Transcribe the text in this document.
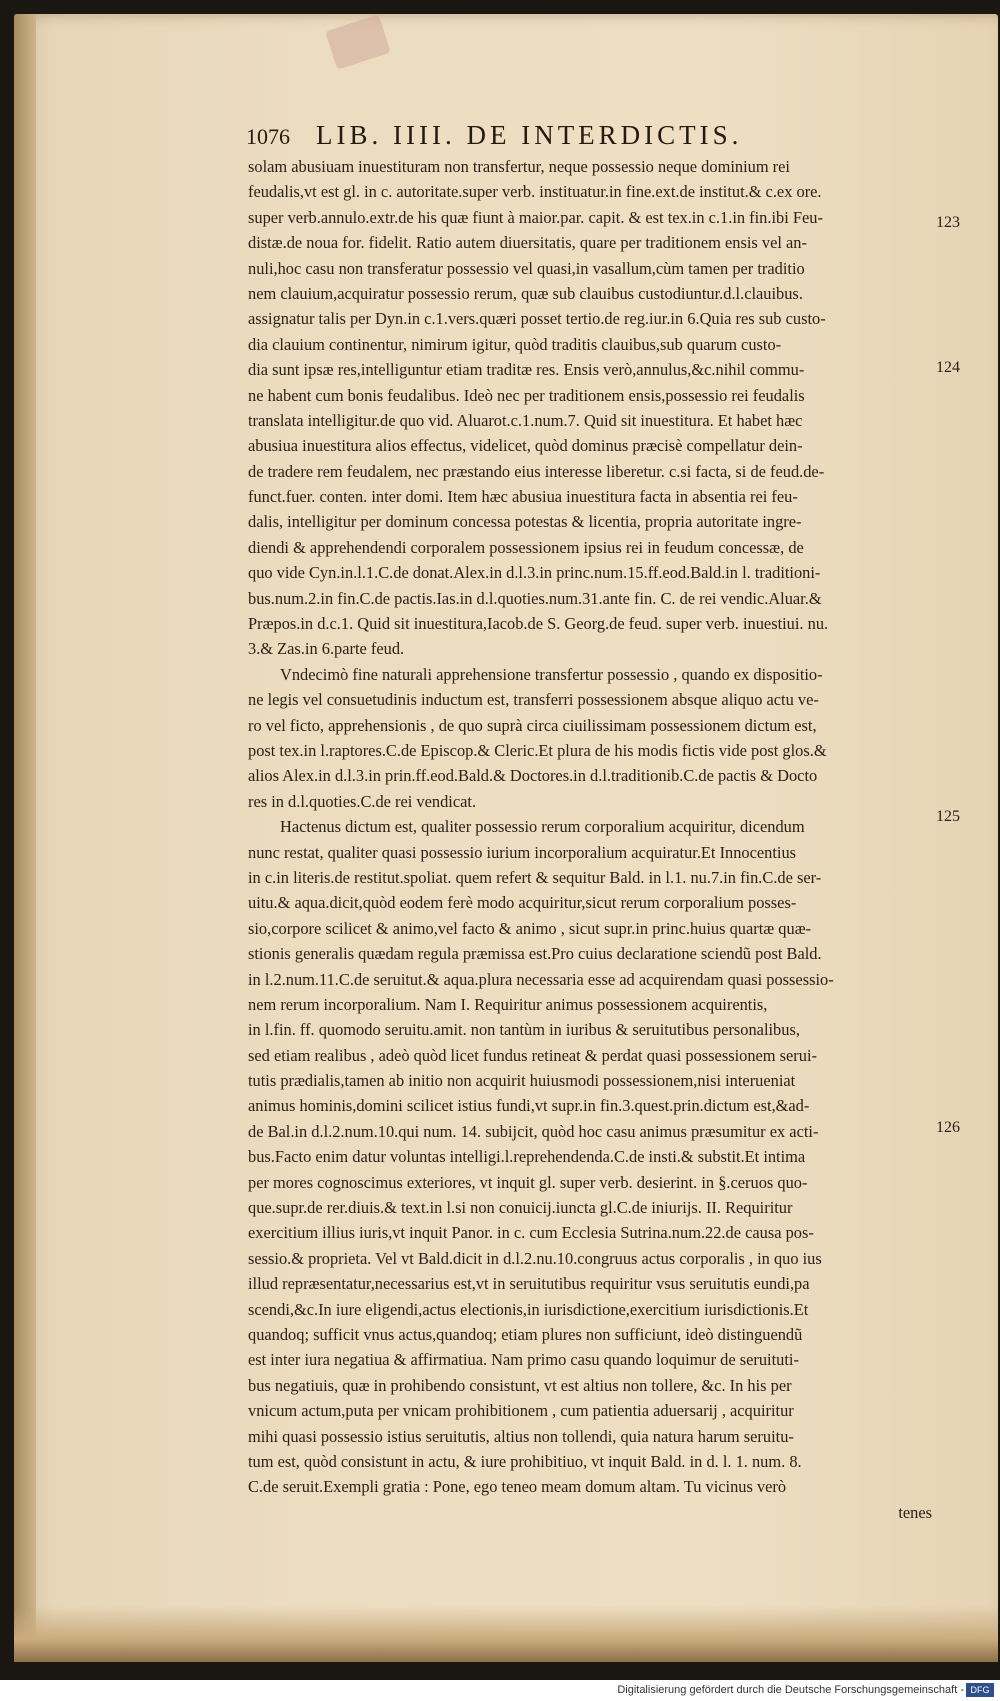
1076 LIB. IIII. DE INTERDICTIS.
solam abusiuam inuestituram non transfertur, neque possessio neque dominium rei
feudalis,vt est gl. in c. autoritate.super verb. instituatur.in fine.ext.de institut.& c.ex ore.
super verb.annulo.extr.de his quæ fiunt à maior.par. capit. & est tex.in c.1.in fin.ibi Feu-
distæ.de noua for. fidelit. Ratio autem diuersitatis, quare per traditionem ensis vel an-
nuli,hoc casu non transferatur possessio vel quasi,in vasallum,cùm tamen per traditio
nem clauium,acquiratur possessio rerum, quæ sub clauibus custodiuntur.d.l.clauibus.
assignatur talis per Dyn.in c.1.vers.quæri posset tertio.de reg.iur.in 6.Quia res sub custo-
dia clauium continentur, nimirum igitur, quòd traditis clauibus,sub quarum custo-
dia sunt ipsæ res,intelliguntur etiam traditæ res. Ensis verò,annulus,&c.nihil commu-
ne habent cum bonis feudalibus. Ideò nec per traditionem ensis,possessio rei feudalis
translata intelligitur.de quo vid. Aluarot.c.1.num.7. Quid sit inuestitura. Et habet hæc
abusiua inuestitura alios effectus, videlicet, quòd dominus præcisè compellatur dein-
de tradere rem feudalem, nec præstando eius interesse liberetur. c.si facta, si de feud.de-
funct.fuer. conten. inter domi. Item hæc abusiua inuestitura facta in absentia rei feu-
dalis, intelligitur per dominum concessa potestas & licentia, propria autoritate ingre-
diendi & apprehendendi corporalem possessionem ipsius rei in feudum concessæ, de
quo vide Cyn.in.l.1.C.de donat.Alex.in d.l.3.in princ.num.15.ff.eod.Bald.in l. traditioni-
bus.num.2.in fin.C.de pactis.Ias.in d.l.quoties.num.31.ante fin. C. de rei vendic.Aluar.&
Præpos.in d.c.1. Quid sit inuestitura,Iacob.de S. Georg.de feud. super verb. inuestiui. nu.
3.& Zas.in 6.parte feud.
Vndecimò fine naturali apprehensione transfertur possessio , quando ex dispositio-
ne legis vel consuetudinis inductum est, transferri possessionem absque aliquo actu ve-
ro vel ficto, apprehensionis , de quo suprà circa ciuilissimam possessionem dictum est,
post tex.in l.raptores.C.de Episcop.& Cleric.Et plura de his modis fictis vide post glos.&
alios Alex.in d.l.3.in prin.ff.eod.Bald.& Doctores.in d.l.traditionib.C.de pactis & Docto
res in d.l.quoties.C.de rei vendicat.
Hactenus dictum est, qualiter possessio rerum corporalium acquiritur, dicendum
nunc restat, qualiter quasi possessio iurium incorporalium acquiratur.Et Innocentius
in c.in literis.de restitut.spoliat. quem refert & sequitur Bald. in l.1. nu.7.in fin.C.de ser-
uitu.& aqua.dicit,quòd eodem ferè modo acquiritur,sicut rerum corporalium posses-
sio,corpore scilicet & animo,vel facto & animo , sicut supr.in princ.huius quartæ quæ-
stionis generalis quædam regula præmissa est.Pro cuius declaratione sciendũ post Bald.
in l.2.num.11.C.de seruitut.& aqua.plura necessaria esse ad acquirendam quasi possessio-
nem rerum incorporalium. Nam I. Requiritur animus possessionem acquirentis,
in l.fin. ff. quomodo seruitu.amit. non tantùm in iuribus & seruitutibus personalibus,
sed etiam realibus , adeò quòd licet fundus retineat & perdat quasi possessionem serui-
tutis prædialis,tamen ab initio non acquirit huiusmodi possessionem,nisi interueniat
animus hominis,domini scilicet istius fundi,vt supr.in fin.3.quest.prin.dictum est,&ad-
de Bal.in d.l.2.num.10.qui num. 14. subijcit, quòd hoc casu animus præsumitur ex acti-
bus.Facto enim datur voluntas intelligi.l.reprehendenda.C.de insti.& substit.Et intima
per mores cognoscimus exteriores, vt inquit gl. super verb. desierint. in §.ceruos quo-
que.supr.de rer.diuis.& text.in l.si non conuicij.iuncta gl.C.de iniurijs. II. Requiritur
exercitium illius iuris,vt inquit Panor. in c. cum Ecclesia Sutrina.num.22.de causa pos-
sessio.& proprieta. Vel vt Bald.dicit in d.l.2.nu.10.congruus actus corporalis , in quo ius
illud repræsentatur,necessarius est,vt in seruitutibus requiritur vsus seruitutis eundi,pa
scendi,&c.In iure eligendi,actus electionis,in iurisdictione,exercitium iurisdictionis.Et
quandoq; sufficit vnus actus,quandoq; etiam plures non sufficiunt, ideò distinguendũ
est inter iura negatiua & affirmatiua. Nam primo casu quando loquimur de seruituti-
bus negatiuis, quæ in prohibendo consistunt, vt est altius non tollere, &c. In his per
vnicum actum,puta per vnicam prohibitionem , cum patientia aduersarij , acquiritur
mihi quasi possessio istius seruitutis, altius non tollendi, quia natura harum seruitu-
tum est, quòd consistunt in actu, & iure prohibitiuo, vt inquit Bald. in d. l. 1. num. 8.
C.de seruit.Exempli gratia : Pone, ego teneo meam domum altam. Tu vicinus verò
tenes
123
124
125
126
Digitalisierung gefördert durch die Deutsche Forschungsgemeinschaft - DFG
